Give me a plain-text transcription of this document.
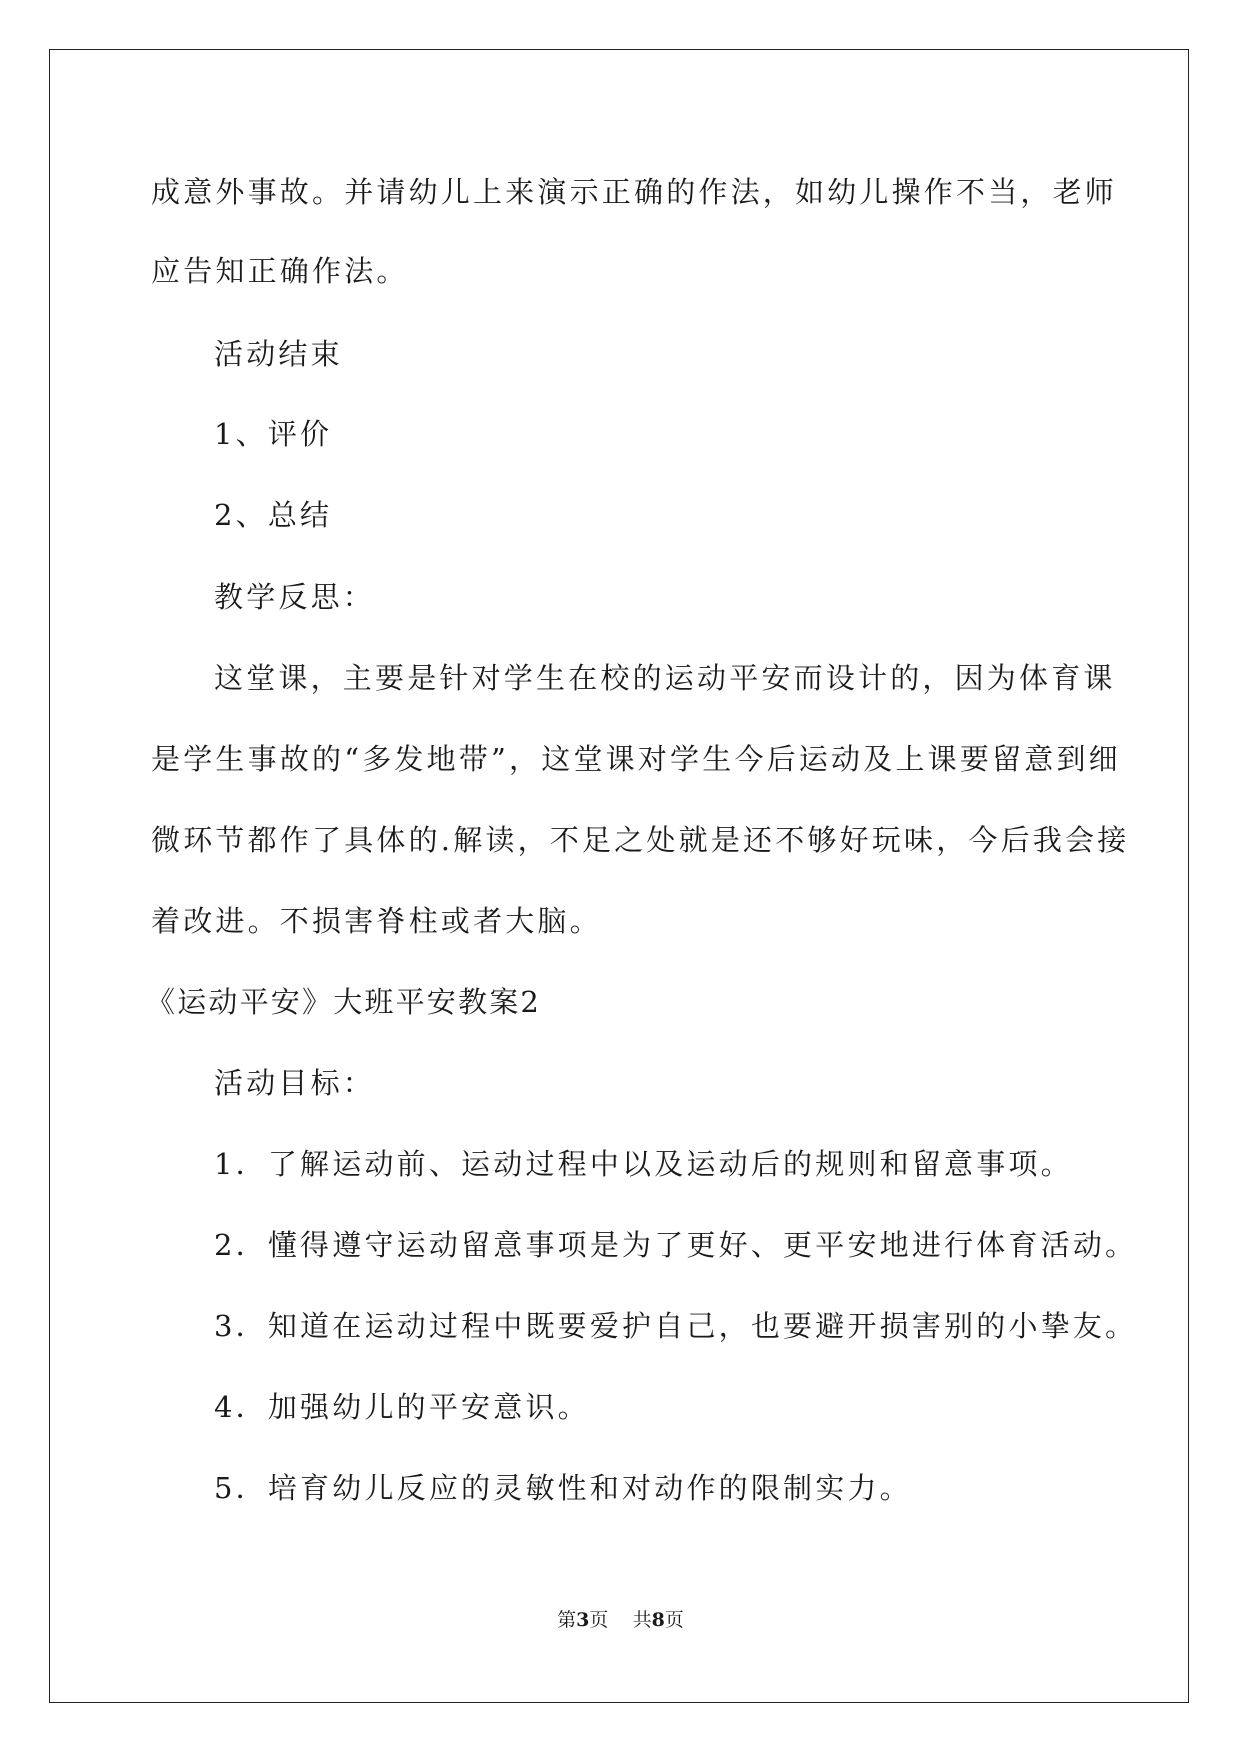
成意外事故。并请幼儿上来演示正确的作法，如幼儿操作不当，老师
应告知正确作法。
活动结束
1、评价
2、总结
教学反思：
这堂课，主要是针对学生在校的运动平安而设计的，因为体育课
是学生事故的“多发地带”，这堂课对学生今后运动及上课要留意到细
微环节都作了具体的.解读，不足之处就是还不够好玩味，今后我会接
着改进。不损害脊柱或者大脑。
《运动平安》大班平安教案2
活动目标：
1．了解运动前、运动过程中以及运动后的规则和留意事项。
2．懂得遵守运动留意事项是为了更好、更平安地进行体育活动。
3．知道在运动过程中既要爱护自己，也要避开损害别的小挚友。
4．加强幼儿的平安意识。
5．培育幼儿反应的灵敏性和对动作的限制实力。
第3页 共8页
